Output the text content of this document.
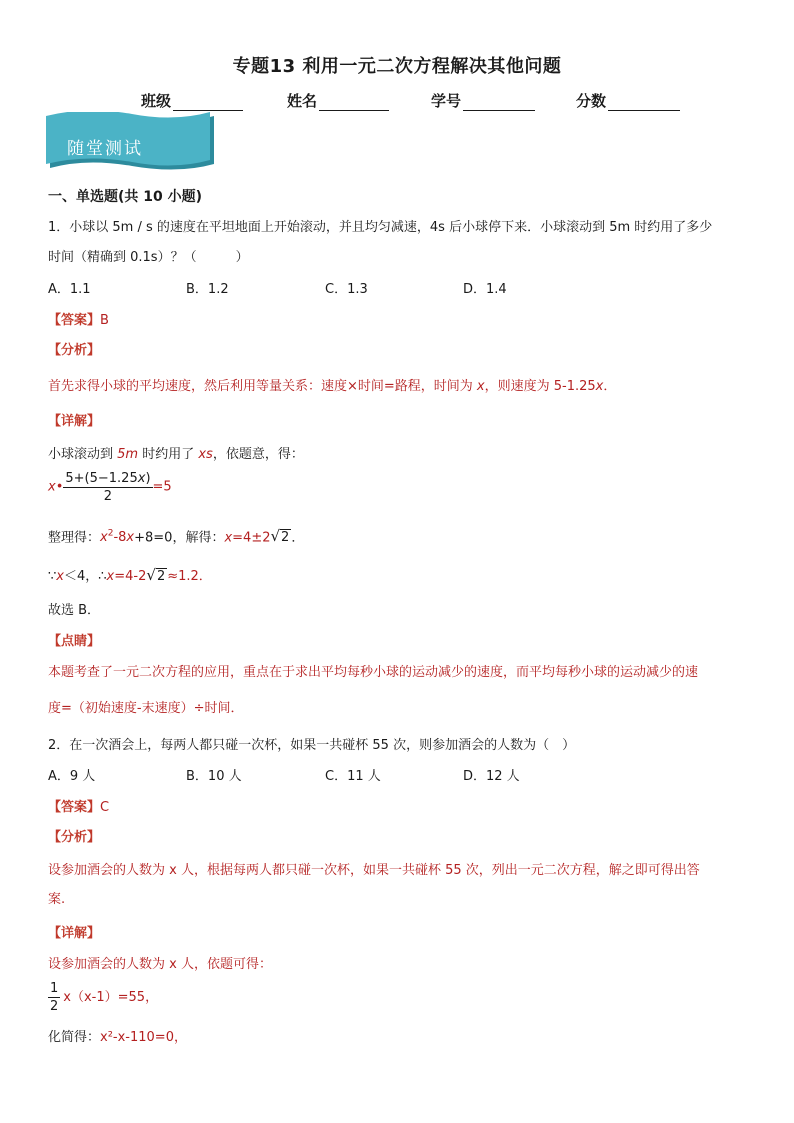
专题13 利用一元二次方程解决其他问题
班级	姓名	学号	分数
随堂测试
一、单选题(共 10 小题)
1．小球以 5m / s 的速度在平坦地面上开始滚动，并且均匀减速，4s 后小球停下来．小球滚动到 5m 时约用了多少
时间（精确到 0.1s）？（　　　）
A．1.1	B．1.2	C．1.3	D．1.4
【答案】B
【分析】
首先求得小球的平均速度，然后利用等量关系：速度×时间=路程，时间为 x，则速度为 5-1.25x．
【详解】
小球滚动到 5m 时约用了 xs，依题意，得：
x• $\frac{5+(5-1.25x)}{2} =5$
整理得：$x^2-8x+8=0$，解得：x=4±2√2 ．
∵x＜4，∴x=4-2√2 ≈1.2．
故选 B．
【点睛】
本题考查了一元二次方程的应用，重点在于求出平均每秒小球的运动减少的速度，而平均每秒小球的运动减少的速
度=（初始速度-末速度）÷时间．
2．在一次酒会上，每两人都只碰一次杯，如果一共碰杯 55 次，则参加酒会的人数为（　）
A．9 人	B．10 人	C．11 人	D．12 人
【答案】C
【分析】
设参加酒会的人数为 x 人，根据每两人都只碰一次杯，如果一共碰杯 55 次，列出一元二次方程，解之即可得出答
案.
【详解】
设参加酒会的人数为 x 人，依题可得：
$\frac{1}{2} x(x-1)=55$，
化简得：x²-x-110=0，
